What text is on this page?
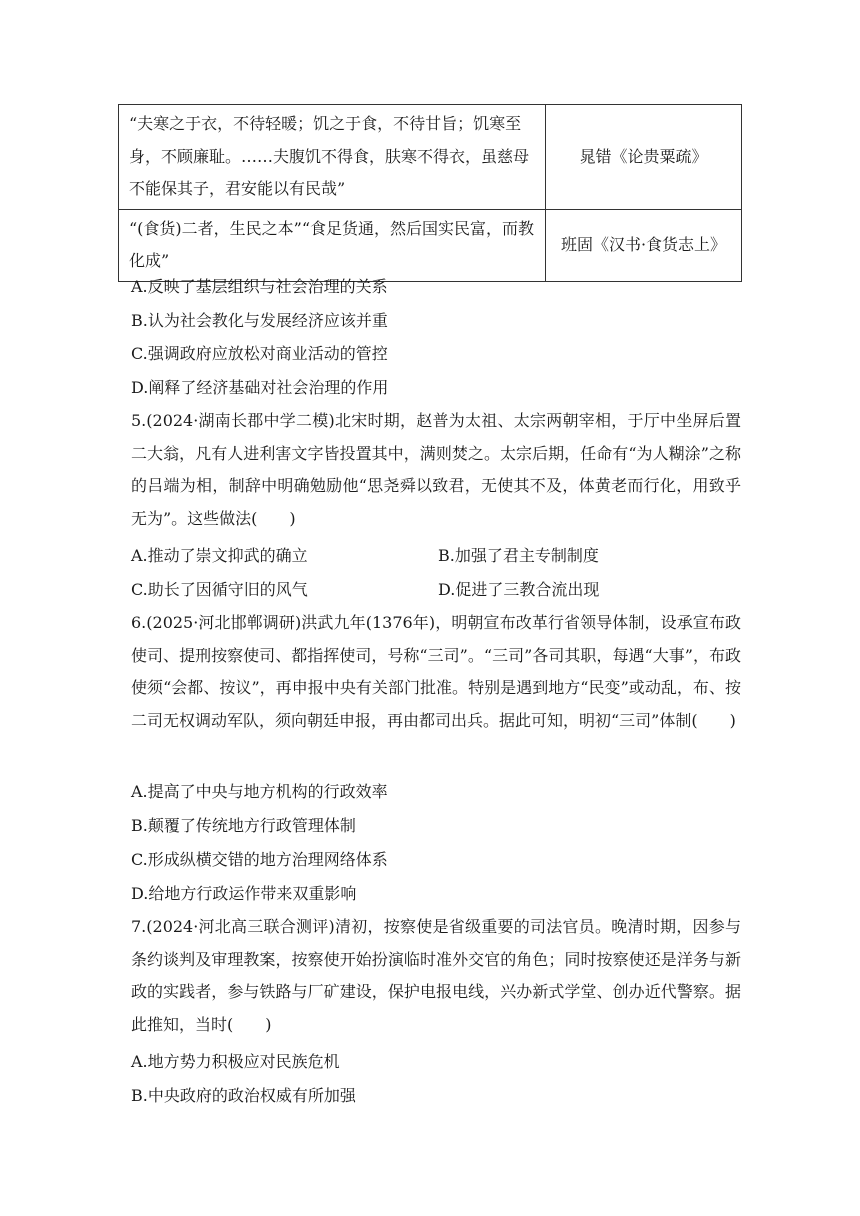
“夫寒之于衣，不待轻暖；饥之于食，不待甘旨；饥寒至身，不顾廉耻。……夫腹饥不得食，肤寒不得衣，虽慈母不能保其子，君安能以有民哉”	晁错《论贵粟疏》
“(食货)二者，生民之本”“食足货通，然后国实民富，而教化成”	班固《汉书·食货志上》
A.反映了基层组织与社会治理的关系
B.认为社会教化与发展经济应该并重
C.强调政府应放松对商业活动的管控
D.阐释了经济基础对社会治理的作用
5.(2024·湖南长郡中学二模)北宋时期，赵普为太祖、太宗两朝宰相，于厅中坐屏后置二大翁，凡有人进利害文字皆投置其中，满则焚之。太宗后期，任命有“为人糊涂”之称的吕端为相，制辞中明确勉励他“思尧舜以致君，无使其不及，体黄老而行化，用致乎无为”。这些做法(　　)
A.推动了崇文抑武的确立	B.加强了君主专制制度
C.助长了因循守旧的风气	D.促进了三教合流出现
6.(2025·河北邯郸调研)洪武九年(1376年)，明朝宣布改革行省领导体制，设承宣布政使司、提刑按察使司、都指挥使司，号称“三司”。“三司”各司其职，每遇“大事”，布政使须“会都、按议”，再申报中央有关部门批准。特别是遇到地方“民变”或动乱，布、按二司无权调动军队，须向朝廷申报，再由都司出兵。据此可知，明初“三司”体制(　　)
A.提高了中央与地方机构的行政效率
B.颠覆了传统地方行政管理体制
C.形成纵横交错的地方治理网络体系
D.给地方行政运作带来双重影响
7.(2024·河北高三联合测评)清初，按察使是省级重要的司法官员。晚清时期，因参与条约谈判及审理教案，按察使开始扮演临时准外交官的角色；同时按察使还是洋务与新政的实践者，参与铁路与厂矿建设，保护电报电线，兴办新式学堂、创办近代警察。据此推知，当时(　　)
A.地方势力积极应对民族危机
B.中央政府的政治权威有所加强
